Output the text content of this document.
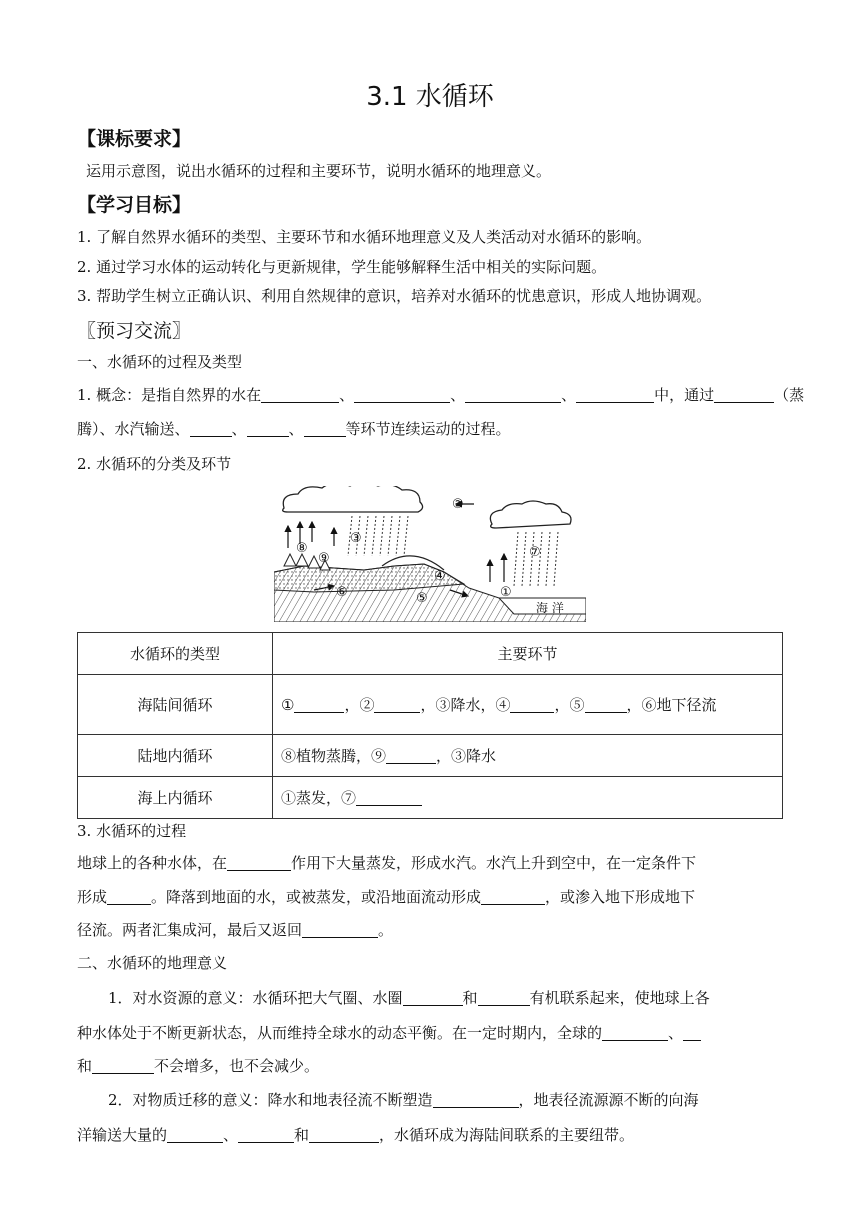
3.1 水循环
【课标要求】
运用示意图，说出水循环的过程和主要环节，说明水循环的地理意义。
【学习目标】
1. 了解自然界水循环的类型、主要环节和水循环地理意义及人类活动对水循环的影响。
2. 通过学习水体的运动转化与更新规律，学生能够解释生活中相关的实际问题。
3. 帮助学生树立正确认识、利用自然规律的意识，培养对水循环的忧患意识，形成人地协调观。
〖预习交流〗
一、水循环的过程及类型
1. 概念：是指自然界的水在	、	、	、	中，通过	（蒸
腾）、水汽输送、	、	、	等环节连续运动的过程。
2. 水循环的分类及环节
②
③
⑦
⑧
⑨
④
⑤
⑥	①
海 洋
水循环的类型	主要环节
海陆间循环	① ，② ，③降水，④ ，⑤ ，⑥地下径流
陆地内循环	⑧植物蒸腾，⑨ ，③降水
海上内循环	①蒸发，⑦
3. 水循环的过程
地球上的各种水体，在	作用下大量蒸发，形成水汽。水汽上升到空中，在一定条件下
形成	。降落到地面的水，或被蒸发，或沿地面流动形成	，或渗入地下形成地下
径流。两者汇集成河，最后又返回	。
二、水循环的地理意义
1．对水资源的意义：水循环把大气圈、水圈	和	有机联系起来，使地球上各
种水体处于不断更新状态，从而维持全球水的动态平衡。在一定时期内，全球的	、
和	不会增多，也不会减少。
2．对物质迁移的意义：降水和地表径流不断塑造	，地表径流源源不断的向海
洋输送大量的	、	和	，水循环成为海陆间联系的主要纽带。
